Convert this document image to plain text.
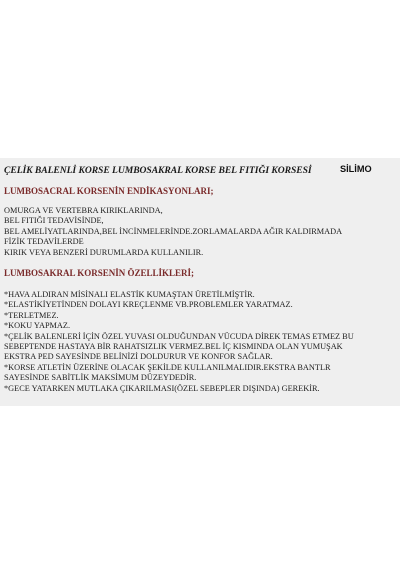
ÇELİK BALENLİ KORSE LUMBOSAKRAL KORSE BEL FITIĞI KORSESİ	SİLİMO
LUMBOSACRAL KORSENİN ENDİKASYONLARI;
OMURGA VE VERTEBRA KIRIKLARINDA,
BEL FITIĞI TEDAVİSİNDE,
BEL AMELİYATLARINDA,BEL İNCİNMELERİNDE.ZORLAMALARDA AĞIR KALDIRMADA
FİZİK TEDAVİLERDE
KIRIK VEYA BENZERİ DURUMLARDA KULLANILIR.
LUMBOSAKRAL KORSENİN ÖZELLİKLERİ;
*HAVA ALDIRAN MİSİNALI ELASTİK KUMAŞTAN ÜRETİLMİŞTİR.
*ELASTİKİYETİNDEN DOLAYI KREÇLENME VB.PROBLEMLER YARATMAZ.
*TERLETMEZ.
*KOKU YAPMAZ.
*ÇELİK BALENLERİ İÇİN ÖZEL YUVASI OLDUĞUNDAN VÜCUDA DİREK TEMAS ETMEZ BU
SEBEPTENDE HASTAYA BİR RAHATSIZLIK VERMEZ.BEL İÇ KISMINDA OLAN YUMUŞAK
EKSTRA PED SAYESİNDE BELİNİZİ DOLDURUR VE KONFOR SAĞLAR.
*KORSE ATLETİN ÜZERİNE OLACAK ŞEKİLDE KULLANILMALIDIR.EKSTRA BANTLR
SAYESİNDE SABİTLİK MAKSİMUM DÜZEYDEDİR.
*GECE YATARKEN MUTLAKA ÇIKARILMASI(ÖZEL SEBEPLER DIŞINDA) GEREKİR.
